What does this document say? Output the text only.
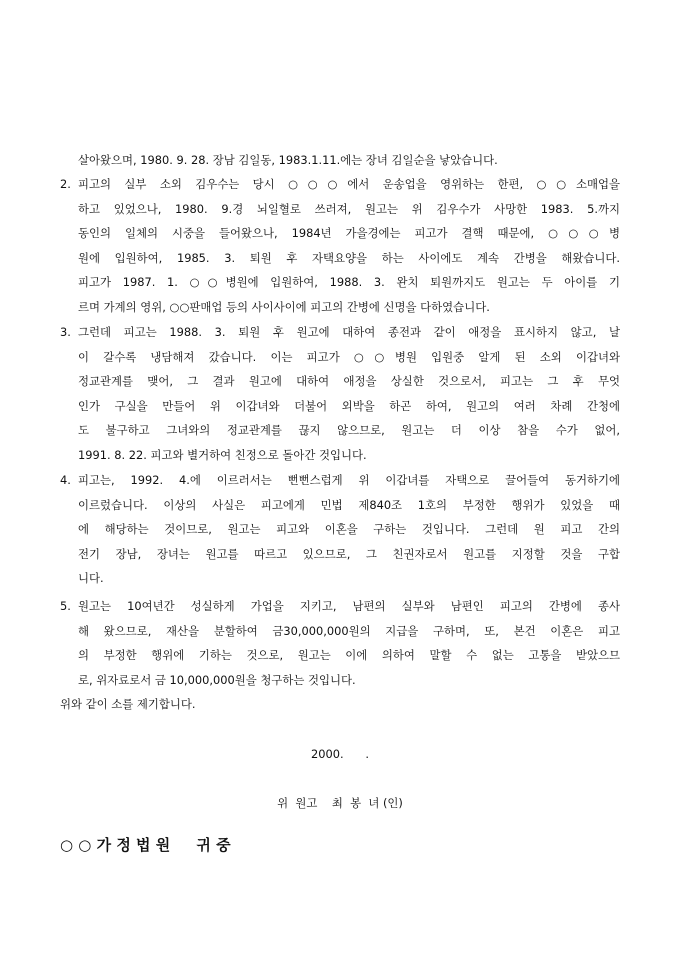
살아왔으며, 1980. 9. 28. 장남 김일동, 1983.1.11.에는 장녀 김일순을 낳았습니다.
2. 피고의 실부 소외 김우수는 당시 ○○○에서 운송업을 영위하는 한편, ○○소매업을
하고 있었으나, 1980. 9.경 뇌일혈로 쓰러져, 원고는 위 김우수가 사망한 1983. 5.까지
동인의 일체의 시중을 들어왔으나, 1984년 가을경에는 피고가 결핵 때문에, ○○○병
원에 입원하여, 1985. 3. 퇴원 후 자택요양을 하는 사이에도 계속 간병을 해왔습니다.
피고가 1987. 1. ○○병원에 입원하여, 1988. 3. 완치 퇴원까지도 원고는 두 아이를 기
르며 가계의 영위, ○○판매업 등의 사이사이에 피고의 간병에 신명을 다하였습니다.
3. 그런데 피고는 1988. 3. 퇴원 후 원고에 대하여 종전과 같이 애정을 표시하지 않고, 날
이 갈수록 냉담해져 갔습니다. 이는 피고가 ○○병원 입원중 알게 된 소외 이갑녀와
정교관계를 맺어, 그 결과 원고에 대하여 애정을 상실한 것으로서, 피고는 그 후 무엇
인가 구실을 만들어 위 이갑녀와 더불어 외박을 하곤 하여, 원고의 여러 차례 간청에
도 불구하고 그녀와의 정교관계를 끊지 않으므로, 원고는 더 이상 참을 수가 없어,
1991. 8. 22. 피고와 별거하여 친정으로 돌아간 것입니다.
4. 피고는, 1992. 4.에 이르러서는 뻔뻔스럽게 위 이갑녀를 자택으로 끌어들여 동거하기에
이르렀습니다. 이상의 사실은 피고에게 민법 제840조 1호의 부정한 행위가 있었을 때
에 해당하는 것이므로, 원고는 피고와 이혼을 구하는 것입니다. 그런데 원 피고 간의
전기 장남, 장녀는 원고를 따르고 있으므로, 그 친권자로서 원고를 지정할 것을 구합
니다.
5. 원고는 10여년간 성실하게 가업을 지키고, 남편의 실부와 남편인 피고의 간병에 종사
해 왔으므로, 재산을 분할하여 금30,000,000원의 지급을 구하며, 또, 본건 이혼은 피고
의 부정한 행위에 기하는 것으로, 원고는 이에 의하여 말할 수 없는 고통을 받았으므
로, 위자료로서 금 10,000,000원을 청구하는 것입니다.
위와 같이 소를 제기합니다.
2000.      .
위  원고    최  봉  녀 (인)
○ ○ 가 정 법 원     귀 중
